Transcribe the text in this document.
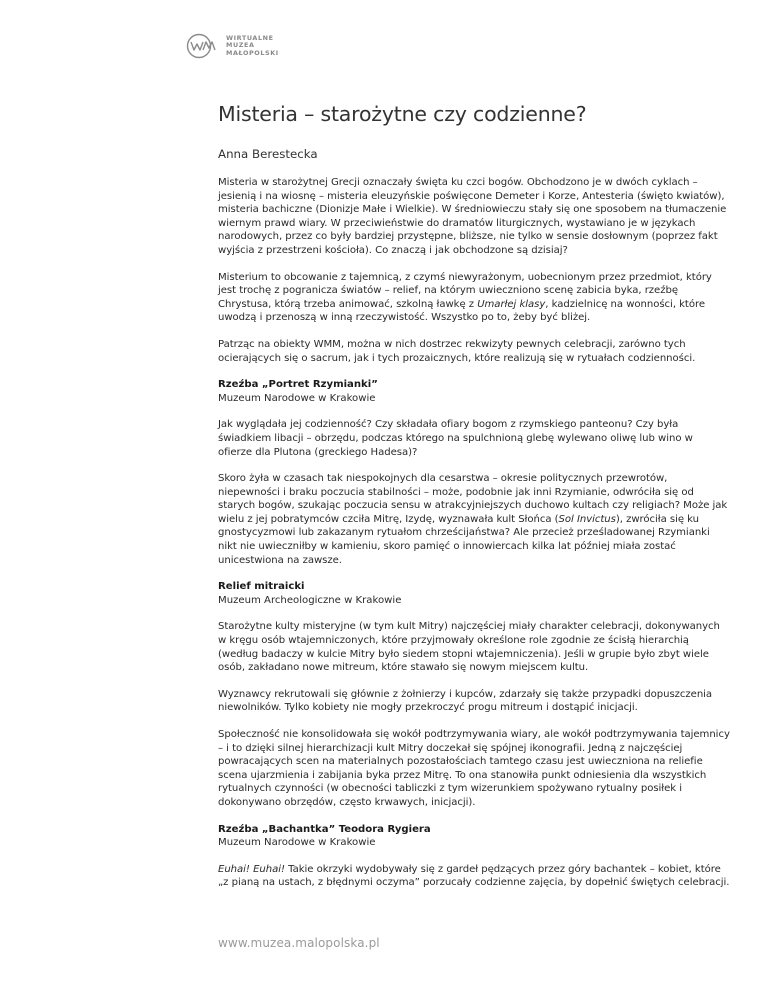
WIRTUALNE
MUZEA
MAŁOPOLSKI
Misteria – starożytne czy codzienne?
Anna Berestecka

Misteria w starożytnej Grecji oznaczały święta ku czci bogów. Obchodzono je w dwóch cyklach – jesienią i na wiosnę – misteria eleuzyńskie poświęcone Demeter i Korze, Antesteria (święto kwiatów), misteria bachiczne (Dionizje Małe i Wielkie). W średniowieczu stały się one sposobem na tłumaczenie wiernym prawd wiary. W przeciwieństwie do dramatów liturgicznych, wystawiano je w językach narodowych, przez co były bardziej przystępne, bliższe, nie tylko w sensie dosłownym (poprzez fakt wyjścia z przestrzeni kościoła). Co znaczą i jak obchodzone są dzisiaj?

Misterium to obcowanie z tajemnicą, z czymś niewyrażonym, uobecnionym przez przedmiot, który jest trochę z pogranicza światów – relief, na którym uwieczniono scenę zabicia byka, rzeźbę Chrystusa, którą trzeba animować, szkolną ławkę z Umarłej klasy, kadzielnicę na wonności, które uwodzą i przenoszą w inną rzeczywistość. Wszystko po to, żeby być bliżej.

Patrząc na obiekty WMM, można w nich dostrzec rekwizyty pewnych celebracji, zarówno tych ocierających się o sacrum, jak i tych prozaicznych, które realizują się w rytuałach codzienności.

Rzeźba „Portret Rzymianki”
Muzeum Narodowe w Krakowie

Jak wyglądała jej codzienność? Czy składała ofiary bogom z rzymskiego panteonu? Czy była świadkiem libacji – obrzędu, podczas którego na spulchnioną glebę wylewano oliwę lub wino w ofierze dla Plutona (greckiego Hadesa)?

Skoro żyła w czasach tak niespokojnych dla cesarstwa – okresie politycznych przewrotów, niepewności i braku poczucia stabilności – może, podobnie jak inni Rzymianie, odwróciła się od starych bogów, szukając poczucia sensu w atrakcyjniejszych duchowo kultach czy religiach? Może jak wielu z jej pobratymców czciła Mitrę, Izydę, wyznawała kult Słońca (Sol Invictus), zwróciła się ku gnostycyzmowi lub zakazanym rytuałom chrześcijaństwa? Ale przecież prześladowanej Rzymianki nikt nie uwieczniłby w kamieniu, skoro pamięć o innowiercach kilka lat później miała zostać unicestwiona na zawsze.

Relief mitraicki
Muzeum Archeologiczne w Krakowie

Starożytne kulty misteryjne (w tym kult Mitry) najczęściej miały charakter celebracji, dokonywanych w kręgu osób wtajemniczonych, które przyjmowały określone role zgodnie ze ścisłą hierarchią (według badaczy w kulcie Mitry było siedem stopni wtajemniczenia). Jeśli w grupie było zbyt wiele osób, zakładano nowe mitreum, które stawało się nowym miejscem kultu.

Wyznawcy rekrutowali się głównie z żołnierzy i kupców, zdarzały się także przypadki dopuszczenia niewolników. Tylko kobiety nie mogły przekroczyć progu mitreum i dostąpić inicjacji.

Społeczność nie konsolidowała się wokół podtrzymywania wiary, ale wokół podtrzymywania tajemnicy – i to dzięki silnej hierarchizacji kult Mitry doczekał się spójnej ikonografii. Jedną z najczęściej powracających scen na materialnych pozostałościach tamtego czasu jest uwieczniona na reliefie scena ujarzmienia i zabijania byka przez Mitrę. To ona stanowiła punkt odniesienia dla wszystkich rytualnych czynności (w obecności tabliczki z tym wizerunkiem spożywano rytualny posiłek i dokonywano obrzędów, często krwawych, inicjacji).

Rzeźba „Bachantka” Teodora Rygiera
Muzeum Narodowe w Krakowie

Euhai! Euhai! Takie okrzyki wydobywały się z gardeł pędzących przez góry bachantek – kobiet, które „z pianą na ustach, z błędnymi oczyma” porzucały codzienne zajęcia, by dopełnić świętych celebracji.

www.muzea.malopolska.pl
